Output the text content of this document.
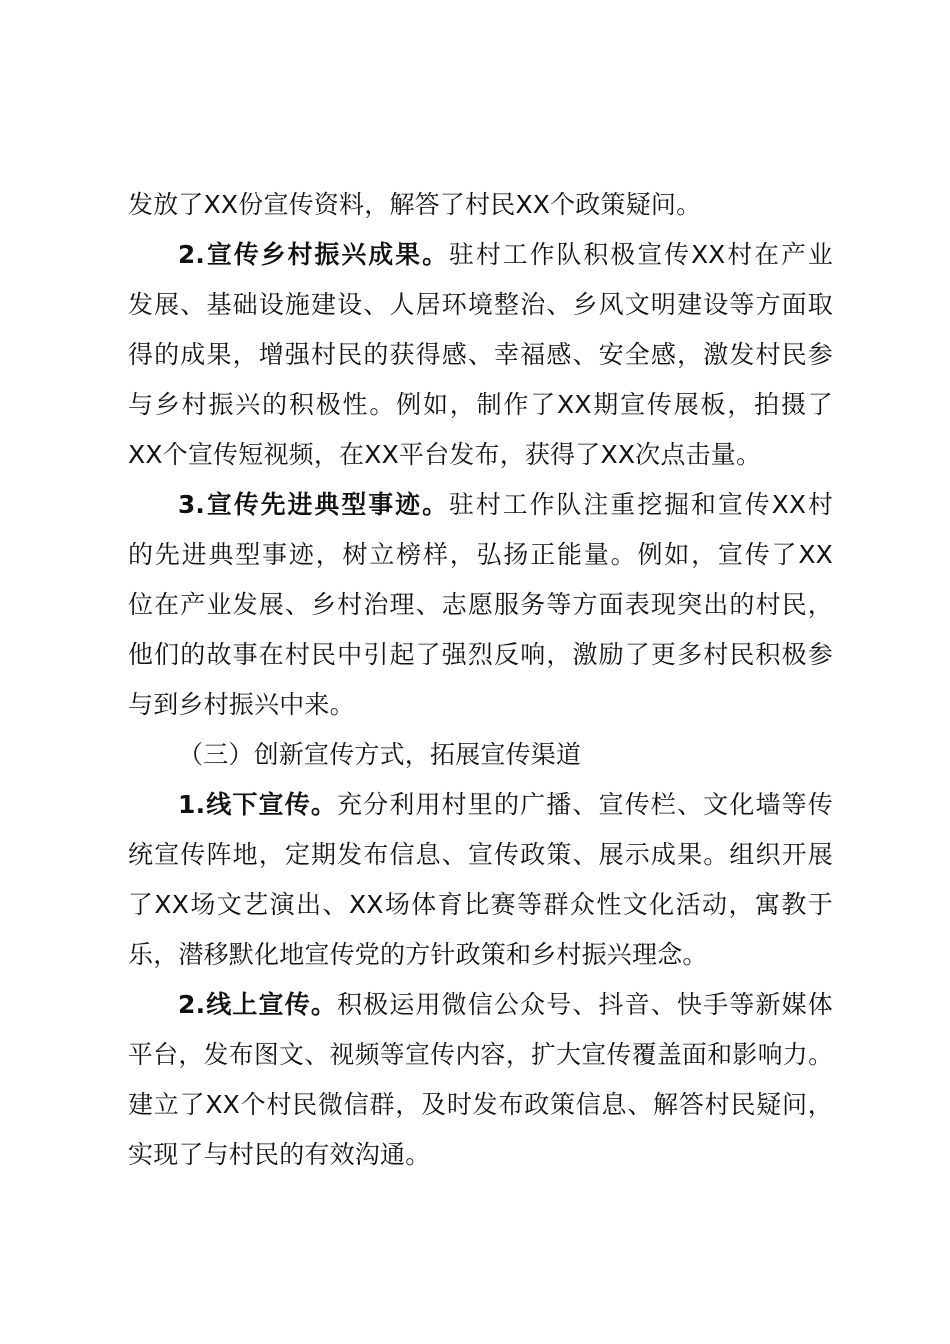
发放了XX份宣传资料，解答了村民XX个政策疑问。
2.宣传乡村振兴成果。驻村工作队积极宣传XX村在产业
发展、基础设施建设、人居环境整治、乡风文明建设等方面取
得的成果，增强村民的获得感、幸福感、安全感，激发村民参
与乡村振兴的积极性。例如，制作了XX期宣传展板，拍摄了
XX个宣传短视频，在XX平台发布，获得了XX次点击量。
3.宣传先进典型事迹。驻村工作队注重挖掘和宣传XX村
的先进典型事迹，树立榜样，弘扬正能量。例如，宣传了XX
位在产业发展、乡村治理、志愿服务等方面表现突出的村民，
他们的故事在村民中引起了强烈反响，激励了更多村民积极参
与到乡村振兴中来。
（三）创新宣传方式，拓展宣传渠道
1.线下宣传。充分利用村里的广播、宣传栏、文化墙等传
统宣传阵地，定期发布信息、宣传政策、展示成果。组织开展
了XX场文艺演出、XX场体育比赛等群众性文化活动，寓教于
乐，潜移默化地宣传党的方针政策和乡村振兴理念。
2.线上宣传。积极运用微信公众号、抖音、快手等新媒体
平台，发布图文、视频等宣传内容，扩大宣传覆盖面和影响力。
建立了XX个村民微信群，及时发布政策信息、解答村民疑问，
实现了与村民的有效沟通。
